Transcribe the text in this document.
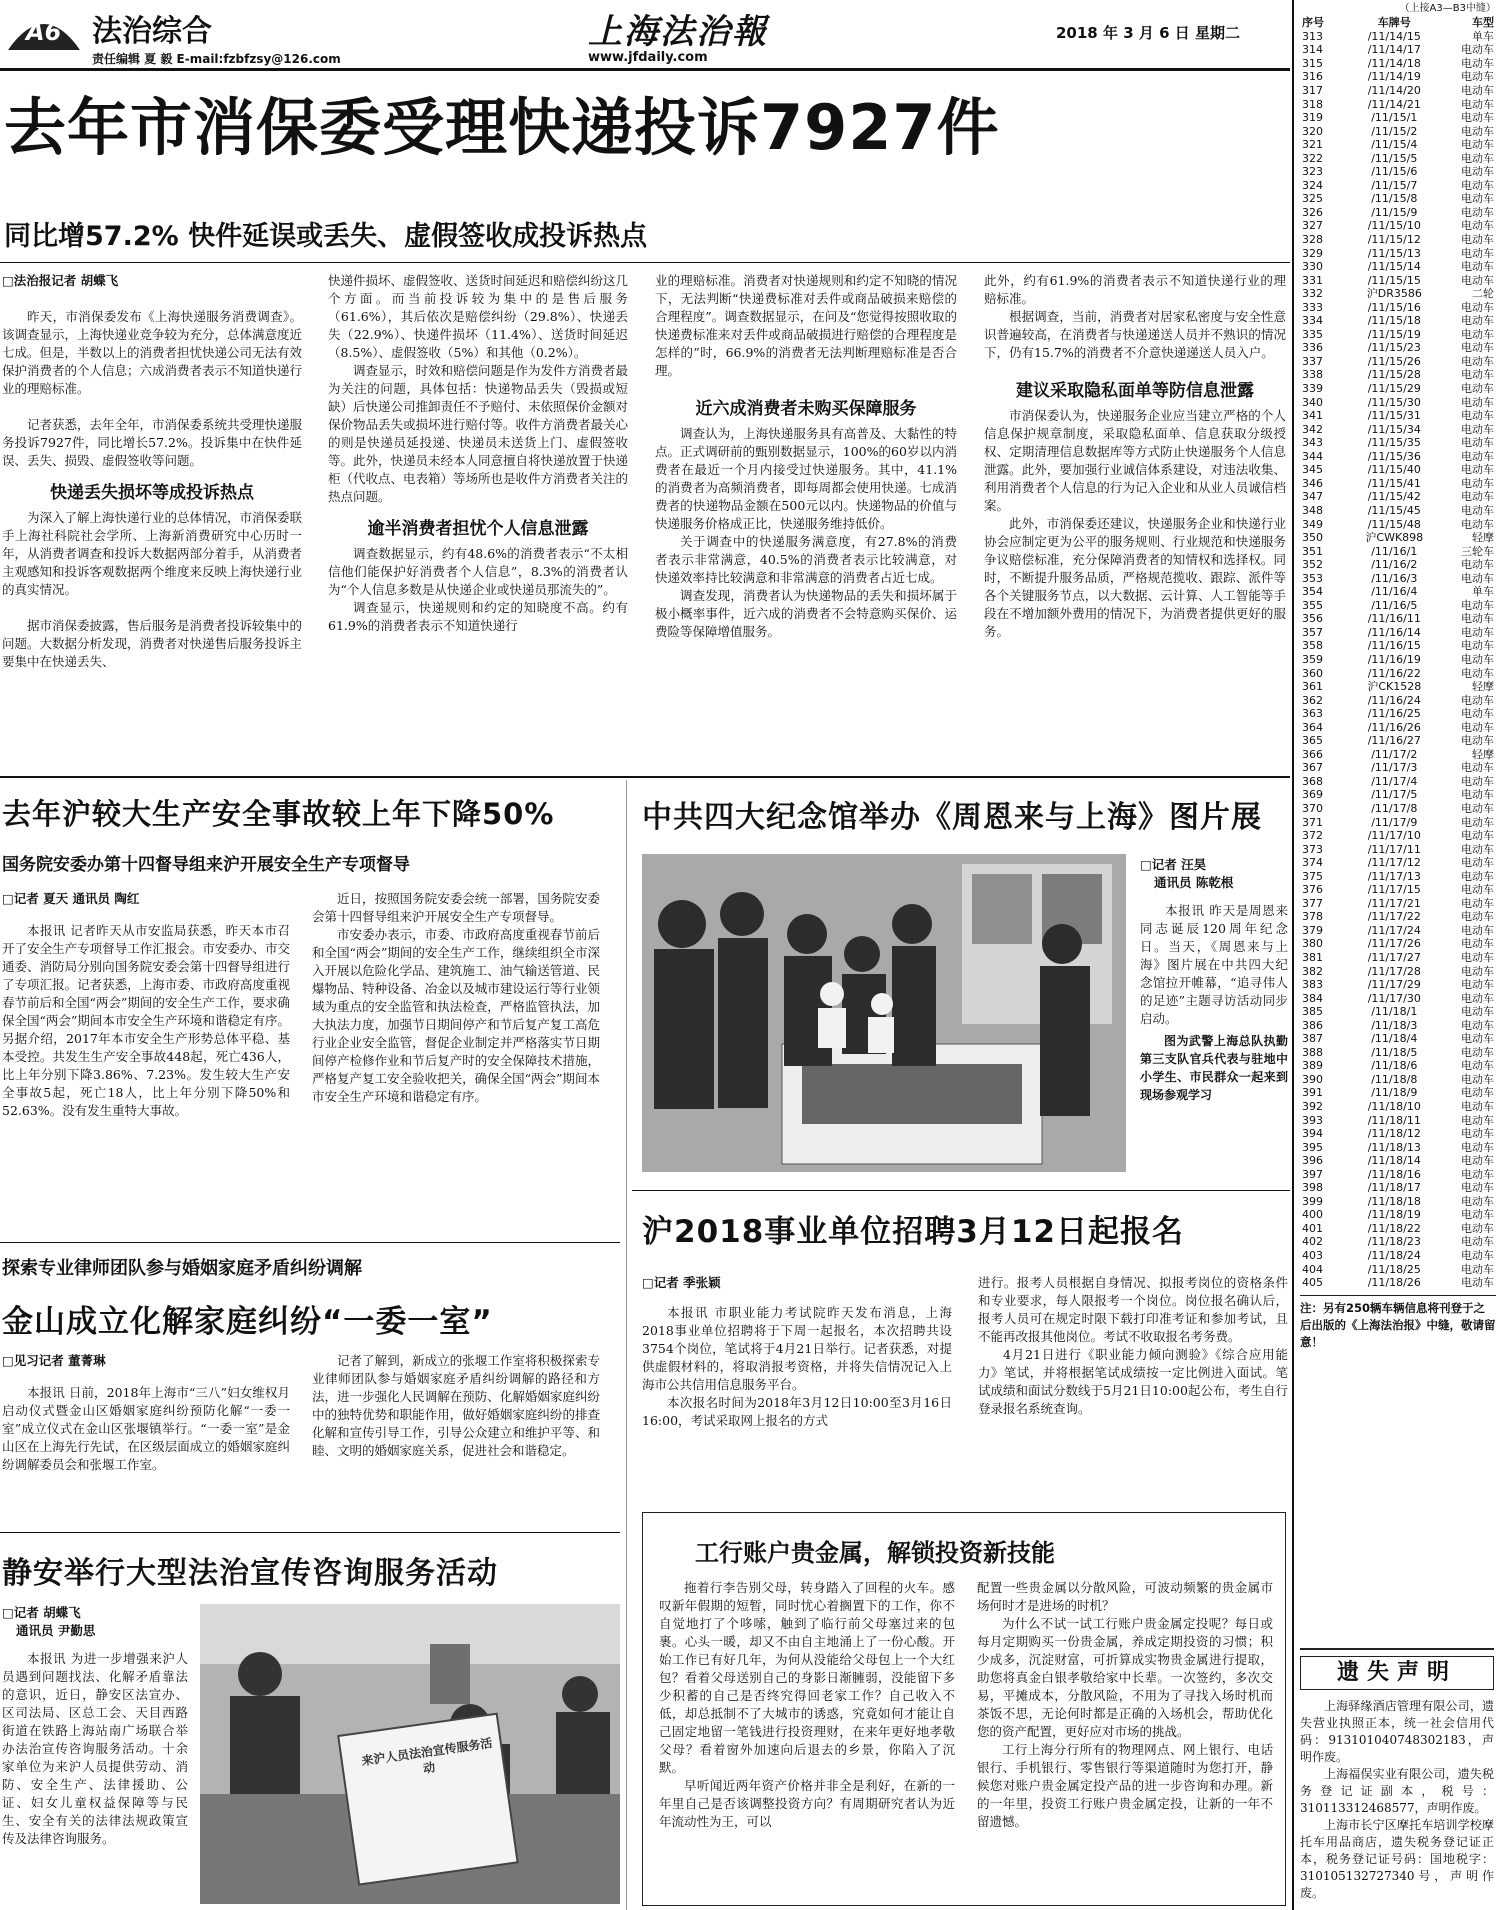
A6 法治综合
责任编辑 夏 毅 E-mail:fzbfzsy@126.com
上海法治報
www.jfdaily.com
2018 年 3 月 6 日 星期二
去年市消保委受理快递投诉7927件
同比增57.2% 快件延误或丢失、虚假签收成投诉热点
□法治报记者 胡蝶飞

昨天，市消保委发布《上海快递服务消费调查》。该调查显示，上海快递业竞争较为充分，总体满意度近七成。但是，半数以上的消费者担忧快递公司无法有效保护消费者的个人信息；六成消费者表示不知道快递行业的理赔标准。

记者获悉，去年全年，市消保委系统共受理快递服务投诉7927件，同比增长57.2%。投诉集中在快件延误、丢失、损毁、虚假签收等问题。

快递丢失损坏等成投诉热点

为深入了解上海快递行业的总体情况，市消保委联手上海社科院社会学所、上海新消费研究中心历时一年，从消费者调查和投诉大数据两部分着手，从消费者主观感知和投诉客观数据两个维度来反映上海快递行业的真实情况。

据市消保委披露，售后服务是消费者投诉较集中的问题。大数据分析发现，消费者对快递售后服务投诉主要集中在快递丢失、

快递件损坏、虚假签收、送货时间延迟和赔偿纠纷这几个方面。而当前投诉较为集中的是售后服务（61.6%），其后依次是赔偿纠纷（29.8%）、快递丢失（22.9%）、快递件损坏（11.4%）、送货时间延迟（8.5%）、虚假签收（5%）和其他（0.2%）。

调查显示，时效和赔偿问题是作为发件方消费者最为关注的问题，具体包括：快递物品丢失（毁损或短缺）后快递公司推卸责任不予赔付、未依照保价金额对保价物品丢失或损坏进行赔付等。收件方消费者最关心的则是快递员延投递、快递员未送货上门、虚假签收等。此外，快递员未经本人同意擅自将快递放置于快递柜（代收点、电表箱）等场所也是收件方消费者关注的热点问题。

逾半消费者担忧个人信息泄露

调查数据显示，约有48.6%的消费者表示“不太相信他们能保护好消费者个人信息”，8.3%的消费者认为“个人信息多数是从快递企业或快递员那流失的”。

调查显示，快递规则和约定的知晓度不高。约有61.9%的消费者表示不知道快递行

业的理赔标准。消费者对快递规则和约定不知晓的情况下，无法判断“快递费标准对丢件或商品破损来赔偿的合理程度”。调查数据显示，在问及“您觉得按照收取的快递费标准来对丢件或商品破损进行赔偿的合理程度是怎样的”时，66.9%的消费者无法判断理赔标准是否合理。

近六成消费者未购买保障服务

调查认为，上海快递服务具有高普及、大黏性的特点。正式调研前的甄别数据显示，100%的60岁以内消费者在最近一个月内接受过快递服务。其中，41.1%的消费者为高频消费者，即每周都会使用快递。七成消费者的快递物品金额在500元以内。快递物品的价值与快递服务价格成正比，快递服务维持低价。

关于调查中的快递服务满意度，有27.8%的消费者表示非常满意，40.5%的消费者表示比较满意，对快递效率持比较满意和非常满意的消费者占近七成。

调查发现，消费者认为快递物品的丢失和损坏属于极小概率事件，近六成的消费者不会特意购买保价、运费险等保障增值服务。

此外，约有61.9%的消费者表示不知道快递行业的理赔标准。

根据调查，当前，消费者对居家私密度与安全性意识普遍较高，在消费者与快递递送人员并不熟识的情况下，仍有15.7%的消费者不介意快递递送人员入户。

建议采取隐私面单等防信息泄露

市消保委认为，快递服务企业应当建立严格的个人信息保护规章制度，采取隐私面单、信息获取分级授权、定期清理信息数据库等方式防止快递服务个人信息泄露。此外，要加强行业诚信体系建设，对违法收集、利用消费者个人信息的行为记入企业和从业人员诚信档案。

此外，市消保委还建议，快递服务企业和快递行业协会应制定更为公平的服务规则、行业规范和快递服务争议赔偿标准，充分保障消费者的知情权和选择权。同时，不断提升服务品质，严格规范揽收、跟踪、派件等各个关键服务节点，以大数据、云计算、人工智能等手段在不增加额外费用的情况下，为消费者提供更好的服务。

去年沪较大生产安全事故较上年下降50%
国务院安委办第十四督导组来沪开展安全生产专项督导
□记者 夏天 通讯员 陶红

本报讯 记者昨天从市安监局获悉，昨天本市召开了安全生产专项督导工作汇报会。市安委办、市交通委、消防局分别向国务院安委会第十四督导组进行了专项汇报。记者获悉，上海市委、市政府高度重视春节前后和全国“两会”期间的安全生产工作，要求确保全国“两会”期间本市安全生产环境和谐稳定有序。另据介绍，2017年本市安全生产形势总体平稳、基本受控。共发生生产安全事故448起，死亡436人，比上年分别下降3.86%、7.23%。发生较大生产安全事故5起，死亡18人，比上年分别下降50%和52.63%。没有发生重特大事故。

近日，按照国务院安委会统一部署，国务院安委会第十四督导组来沪开展安全生产专项督导。

市安委办表示，市委、市政府高度重视春节前后和全国“两会”期间的安全生产工作，继续组织全市深入开展以危险化学品、建筑施工、油气输送管道、民爆物品、特种设备、冶金以及城市建设运行等行业领域为重点的安全监管和执法检查，严格监管执法，加大执法力度，加强节日期间停产和节后复产复工高危行业企业安全监管，督促企业制定并严格落实节日期间停产检修作业和节后复产时的安全保障技术措施，严格复产复工安全验收把关，确保全国“两会”期间本市安全生产环境和谐稳定有序。

中共四大纪念馆举办《周恩来与上海》图片展
□记者 汪昊
通讯员 陈乾根

本报讯 昨天是周恩来同志诞辰120周年纪念日。当天，《周恩来与上海》图片展在中共四大纪念馆拉开帷幕，“追寻伟人的足迹”主题寻访活动同步启动。

图为武警上海总队执勤第三支队官兵代表与驻地中小学生、市民群众一起来到现场参观学习

沪2018事业单位招聘3月12日起报名
□记者 季张颖

本报讯 市职业能力考试院昨天发布消息，上海2018事业单位招聘将于下周一起报名，本次招聘共设3754个岗位，笔试将于4月21日举行。记者获悉，对提供虚假材料的，将取消报考资格，并将失信情况记入上海市公共信用信息服务平台。

本次报名时间为2018年3月12日10:00至3月16日16:00，考试采取网上报名的方式

进行。报考人员根据自身情况、拟报考岗位的资格条件和专业要求，每人限报考一个岗位。岗位报名确认后，报考人员可在规定时限下载打印准考证和参加考试，且不能再改报其他岗位。考试不收取报名考务费。

4月21日进行《职业能力倾向测验》《综合应用能力》笔试，并将根据笔试成绩按一定比例进入面试。笔试成绩和面试分数线于5月21日10:00起公布，考生自行登录报名系统查询。

探索专业律师团队参与婚姻家庭矛盾纠纷调解
金山成立化解家庭纠纷“一委一室”
□见习记者 董菁琳

本报讯 日前，2018年上海市“三八”妇女维权月启动仪式暨金山区婚姻家庭纠纷预防化解“一委一室”成立仪式在金山区张堰镇举行。“一委一室”是金山区在上海先行先试，在区级层面成立的婚姻家庭纠纷调解委员会和张堰工作室。

记者了解到，新成立的张堰工作室将积极探索专业律师团队参与婚姻家庭矛盾纠纷调解的路径和方法，进一步强化人民调解在预防、化解婚姻家庭纠纷中的独特优势和职能作用，做好婚姻家庭纠纷的排查化解和宣传引导工作，引导公众建立和维护平等、和睦、文明的婚姻家庭关系，促进社会和谐稳定。

静安举行大型法治宣传咨询服务活动
□记者 胡蝶飞
通讯员 尹勤思

本报讯 为进一步增强来沪人员遇到问题找法、化解矛盾靠法的意识，近日，静安区法宣办、区司法局、区总工会、天目西路街道在铁路上海站南广场联合举办法治宣传咨询服务活动。十余家单位为来沪人员提供劳动、消防、安全生产、法律援助、公证、妇女儿童权益保障等与民生、安全有关的法律法规政策宣传及法律咨询服务。

来沪人员法治宣传服务活动
工行账户贵金属，解锁投资新技能

拖着行李告别父母，转身踏入了回程的火车。感叹新年假期的短暂，同时忧心着搁置下的工作，你不自觉地打了个哆嗦，触到了临行前父母塞过来的包裹。心头一暖，却又不由自主地涌上了一份心酸。开始工作已有好几年，为何从没能给父母包上一个大红包？看着父母送别自己的身影日渐臃弱，没能留下多少积蓄的自己是否终究得回老家工作？自己收入不低，却总抵制不了大城市的诱惑，究竟如何才能让自己固定地留一笔钱进行投资理财，在来年更好地孝敬父母？看着窗外加速向后退去的乡景，你陷入了沉默。

早听闻近两年资产价格并非全是利好，在新的一年里自己是否该调整投资方向？有周期研究者认为近年流动性为王，可以

配置一些贵金属以分散风险，可波动频繁的贵金属市场何时才是进场的时机？

为什么不试一试工行账户贵金属定投呢？每日或每月定期购买一份贵金属，养成定期投资的习惯；积少成多，沉淀财富，可折算成实物贵金属进行提取，助您将真金白银孝敬给家中长辈。一次签约，多次交易，平摊成本，分散风险，不用为了寻找入场时机而茶饭不思，无论何时都是正确的入场机会，帮助优化您的资产配置，更好应对市场的挑战。

工行上海分行所有的物理网点、网上银行、电话银行、手机银行、零售银行等渠道随时为您打开，静候您对账户贵金属定投产品的进一步咨询和办理。新的一年里，投资工行账户贵金属定投，让新的一年不留遗憾。

（上接A3—B3中缝）
序号	车牌号	车型
313	/11/14/15	单车
314	/11/14/17	电动车
315	/11/14/18	电动车
316	/11/14/19	电动车
317	/11/14/20	电动车
318	/11/14/21	电动车
319	/11/15/1	电动车
320	/11/15/2	电动车
321	/11/15/4	电动车
322	/11/15/5	电动车
323	/11/15/6	电动车
324	/11/15/7	电动车
325	/11/15/8	电动车
326	/11/15/9	电动车
327	/11/15/10	电动车
328	/11/15/12	电动车
329	/11/15/13	电动车
330	/11/15/14	电动车
331	/11/15/15	电动车
332	沪DR3586	二轮
333	/11/15/16	电动车
334	/11/15/18	电动车
335	/11/15/19	电动车
336	/11/15/23	电动车
337	/11/15/26	电动车
338	/11/15/28	电动车
339	/11/15/29	电动车
340	/11/15/30	电动车
341	/11/15/31	电动车
342	/11/15/34	电动车
343	/11/15/35	电动车
344	/11/15/36	电动车
345	/11/15/40	电动车
346	/11/15/41	电动车
347	/11/15/42	电动车
348	/11/15/45	电动车
349	/11/15/48	电动车
350	沪CWK898	轻摩
351	/11/16/1	三轮车
352	/11/16/2	电动车
353	/11/16/3	电动车
354	/11/16/4	单车
355	/11/16/5	电动车
356	/11/16/11	电动车
357	/11/16/14	电动车
358	/11/16/15	电动车
359	/11/16/19	电动车
360	/11/16/22	电动车
361	沪CK1528	轻摩
362	/11/16/24	电动车
363	/11/16/25	电动车
364	/11/16/26	电动车
365	/11/16/27	电动车
366	/11/17/2	轻摩
367	/11/17/3	电动车
368	/11/17/4	电动车
369	/11/17/5	电动车
370	/11/17/8	电动车
371	/11/17/9	电动车
372	/11/17/10	电动车
373	/11/17/11	电动车
374	/11/17/12	电动车
375	/11/17/13	电动车
376	/11/17/15	电动车
377	/11/17/21	电动车
378	/11/17/22	电动车
379	/11/17/24	电动车
380	/11/17/26	电动车
381	/11/17/27	电动车
382	/11/17/28	电动车
383	/11/17/29	电动车
384	/11/17/30	电动车
385	/11/18/1	电动车
386	/11/18/3	电动车
387	/11/18/4	电动车
388	/11/18/5	电动车
389	/11/18/6	电动车
390	/11/18/8	电动车
391	/11/18/9	电动车
392	/11/18/10	电动车
393	/11/18/11	电动车
394	/11/18/12	电动车
395	/11/18/13	电动车
396	/11/18/14	电动车
397	/11/18/16	电动车
398	/11/18/17	电动车
399	/11/18/18	电动车
400	/11/18/19	电动车
401	/11/18/22	电动车
402	/11/18/23	电动车
403	/11/18/24	电动车
404	/11/18/25	电动车
405	/11/18/26	电动车
注：另有250辆车辆信息将刊登于之后出版的《上海法治报》中缝，敬请留意！
遗失声明

上海驿缘酒店管理有限公司，遗失营业执照正本，统一社会信用代码：91310104074830218З，声明作废。

上海福俣实业有限公司，遗失税务登记证副本，税号：310113312468577，声明作废。

上海市长宁区摩托车培训学校摩托车用品商店，遗失税务登记证正本，税务登记证号码：国地税字：310105132727340号，声明作废。
